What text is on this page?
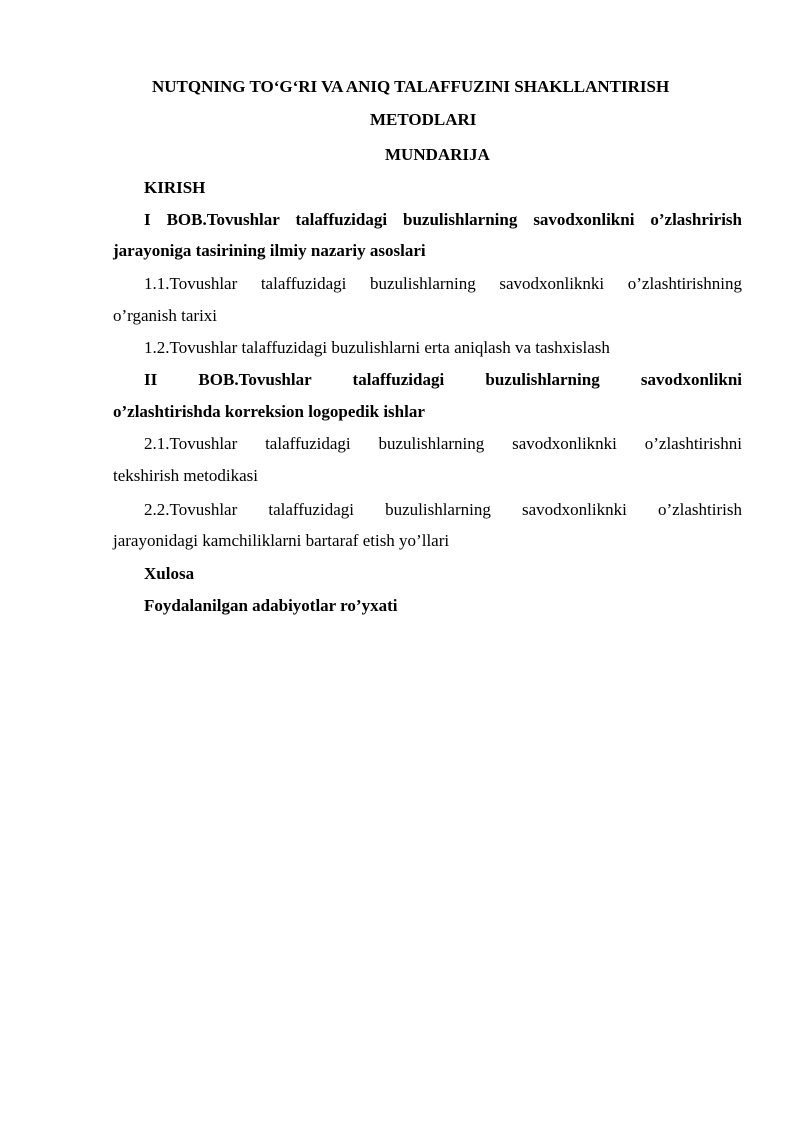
NUTQNING TO‘G‘RI VA ANIQ TALAFFUZINI SHAKLLANTIRISH
METODLARI
MUNDARIJA
KIRISH
I BOB.Tovushlar talaffuzidagi buzulishlarning savodxonlikni o’zlashrirish
jarayoniga tasirining ilmiy nazariy asoslari
1.1.Tovushlar talaffuzidagi buzulishlarning savodxonliknki o’zlashtirishning
o’rganish tarixi
1.2.Tovushlar talaffuzidagi buzulishlarni erta aniqlash va tashxislash
II BOB.Tovushlar talaffuzidagi buzulishlarning savodxonlikni
o’zlashtirishda korreksion logopedik ishlar
2.1.Tovushlar talaffuzidagi buzulishlarning savodxonliknki o’zlashtirishni
tekshirish metodikasi
2.2.Tovushlar talaffuzidagi buzulishlarning savodxonliknki o’zlashtirish
jarayonidagi kamchiliklarni bartaraf etish yo’llari
Xulosa
Foydalanilgan adabiyotlar ro’yxati
